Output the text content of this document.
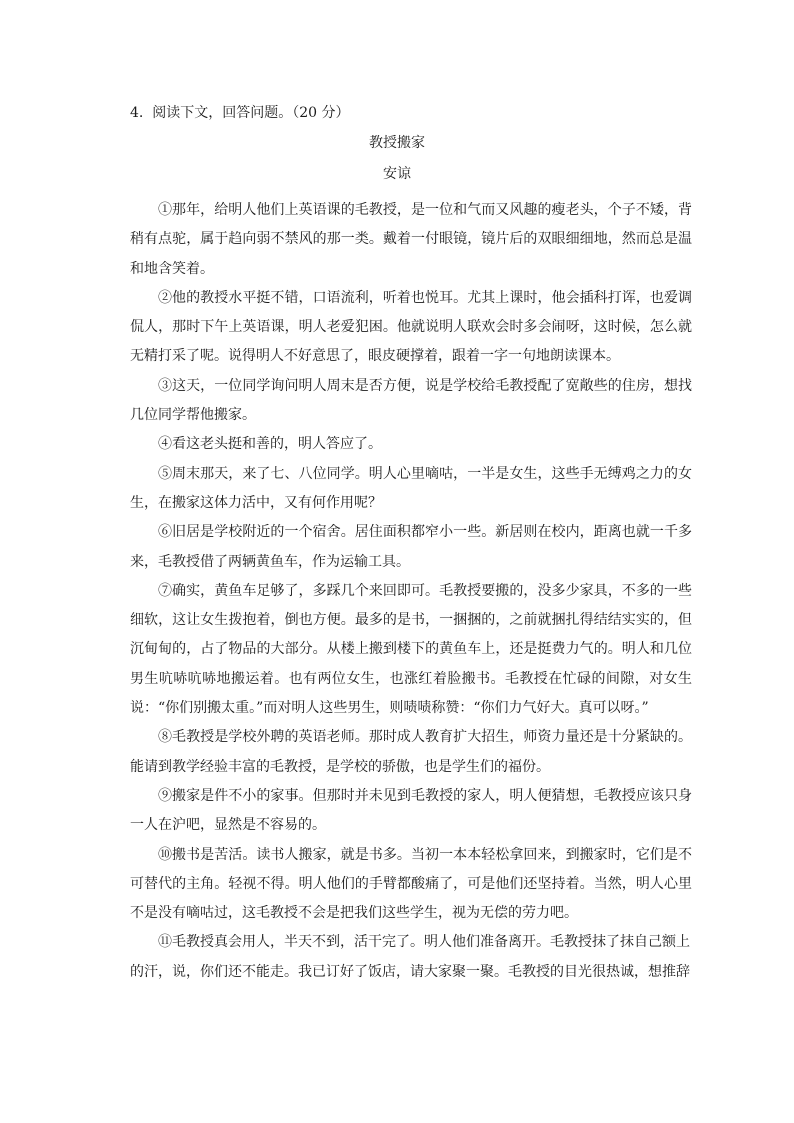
4. 阅读下文，回答问题。（20 分）
教授搬家
安谅

①那年，给明人他们上英语课的毛教授，是一位和气而又风趣的瘦老头，个子不矮，背稍有点驼，属于趋向弱不禁风的那一类。戴着一付眼镜，镜片后的双眼细细地，然而总是温和地含笑着。

②他的教授水平挺不错，口语流利，听着也悦耳。尤其上课时，他会插科打诨，也爱调侃人，那时下午上英语课，明人老爱犯困。他就说明人联欢会时多会闹呀，这时候，怎么就无精打采了呢。说得明人不好意思了，眼皮硬撑着，跟着一字一句地朗读课本。

③这天，一位同学询问明人周末是否方便，说是学校给毛教授配了宽敞些的住房，想找几位同学帮他搬家。

④看这老头挺和善的，明人答应了。

⑤周末那天，来了七、八位同学。明人心里嘀咕，一半是女生，这些手无缚鸡之力的女生，在搬家这体力活中，又有何作用呢？

⑥旧居是学校附近的一个宿舍。居住面积都窄小一些。新居则在校内，距离也就一千多来，毛教授借了两辆黄鱼车，作为运输工具。

⑦确实，黄鱼车足够了，多踩几个来回即可。毛教授要搬的，没多少家具，不多的一些细软，这让女生拨抱着，倒也方便。最多的是书，一捆捆的，之前就捆扎得结结实实的，但沉甸甸的，占了物品的大部分。从楼上搬到楼下的黄鱼车上，还是挺费力气的。明人和几位男生吭哧吭哧地搬运着。也有两位女生，也涨红着脸搬书。毛教授在忙碌的间隙，对女生说：“你们别搬太重。”而对明人这些男生，则啧啧称赞：“你们力气好大。真可以呀。”

⑧毛教授是学校外聘的英语老师。那时成人教育扩大招生，师资力量还是十分紧缺的。能请到教学经验丰富的毛教授，是学校的骄傲，也是学生们的福份。

⑨搬家是件不小的家事。但那时并未见到毛教授的家人，明人便猜想，毛教授应该只身一人在沪吧，显然是不容易的。

⑩搬书是苦活。读书人搬家，就是书多。当初一本本轻松拿回来，到搬家时，它们是不可替代的主角。轻视不得。明人他们的手臂都酸痛了，可是他们还坚持着。当然，明人心里不是没有嘀咕过，这毛教授不会是把我们这些学生，视为无偿的劳力吧。

⑪毛教授真会用人，半天不到，活干完了。明人他们准备离开。毛教授抹了抹自己额上的汗，说，你们还不能走。我已订好了饭店，请大家聚一聚。毛教授的目光很热诚，想推辞
